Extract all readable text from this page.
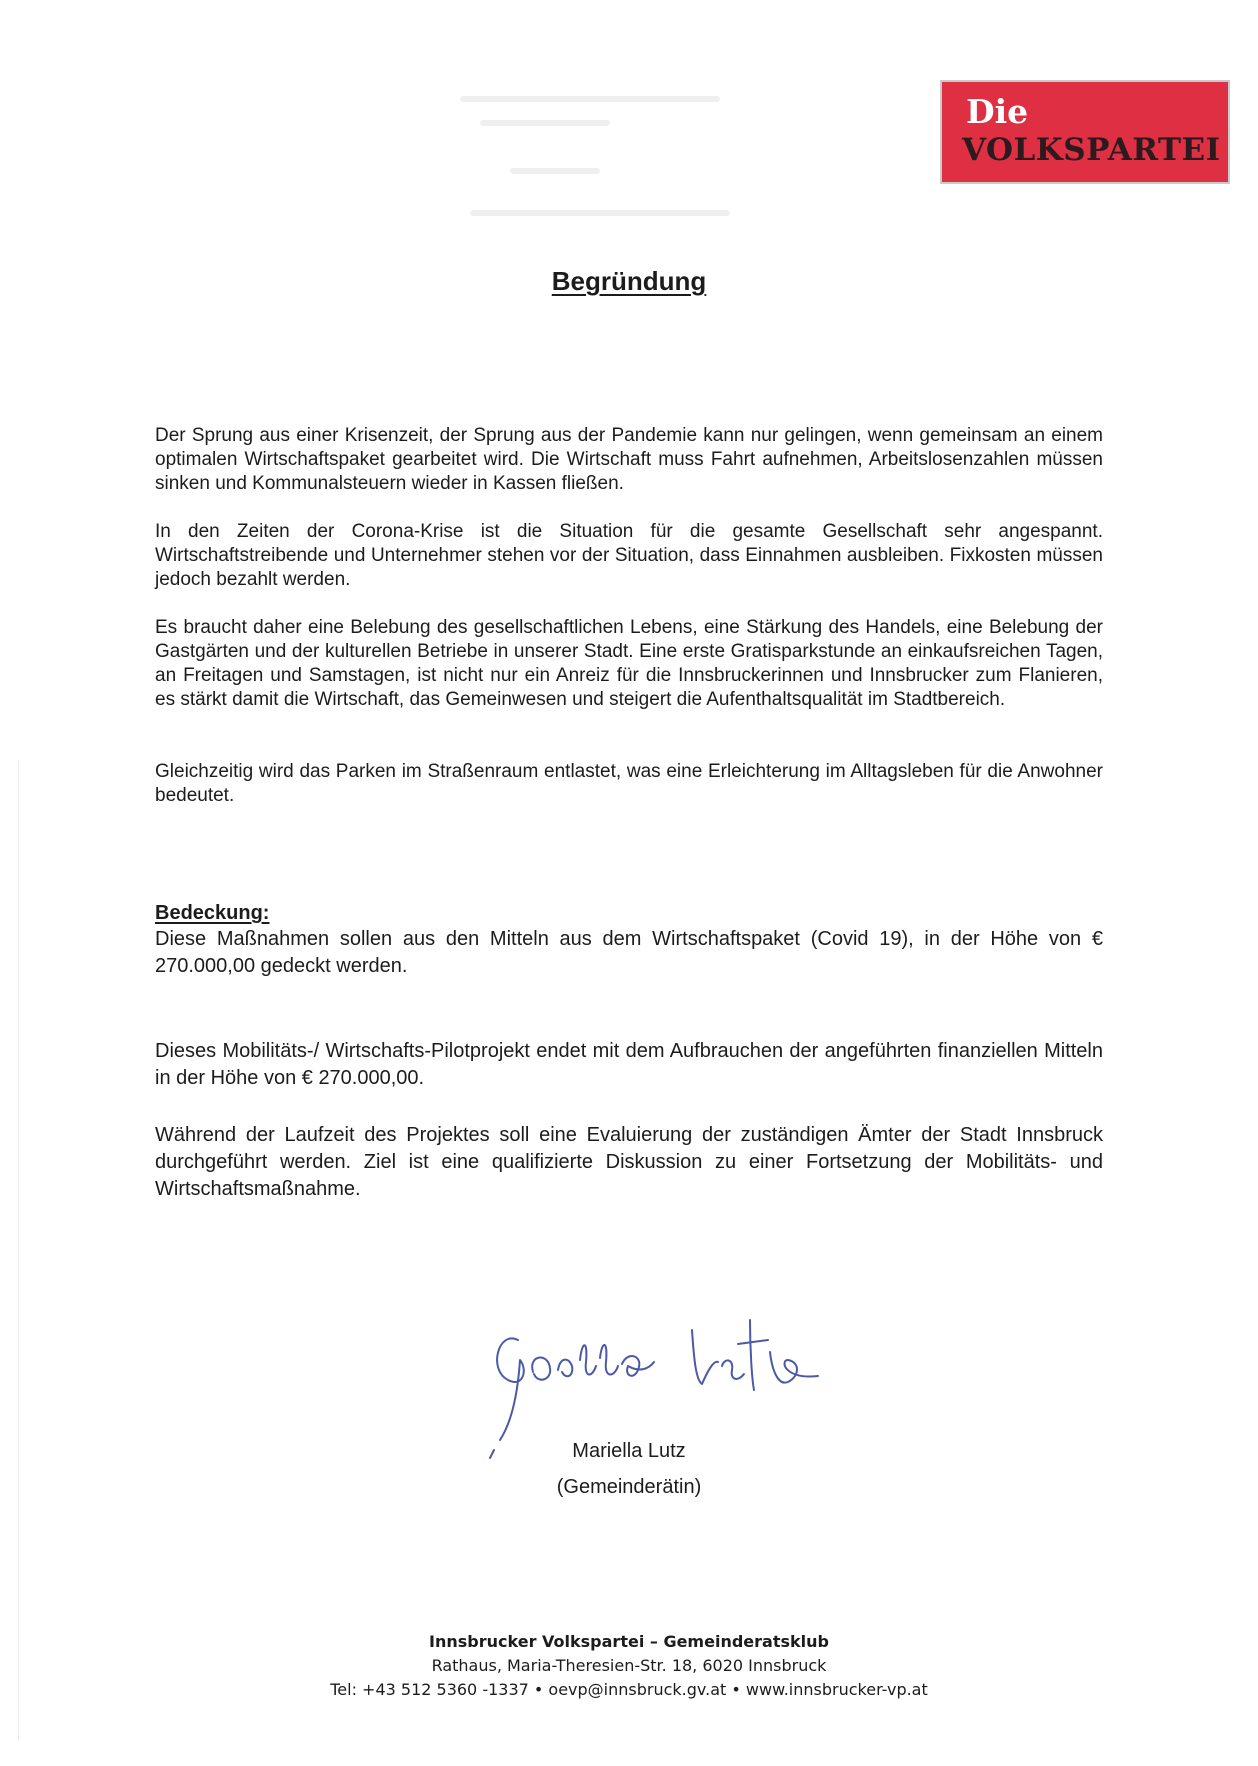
Die
VOLKSPARTEI
Begründung

Der Sprung aus einer Krisenzeit, der Sprung aus der Pandemie kann nur gelingen, wenn gemeinsam an einem optimalen Wirtschaftspaket gearbeitet wird. Die Wirtschaft muss Fahrt aufnehmen, Arbeitslosenzahlen müssen sinken und Kommunalsteuern wieder in Kassen fließen.

In den Zeiten der Corona-Krise ist die Situation für die gesamte Gesellschaft sehr angespannt. Wirtschaftstreibende und Unternehmer stehen vor der Situation, dass Einnahmen ausbleiben. Fixkosten müssen jedoch bezahlt werden.

Es braucht daher eine Belebung des gesellschaftlichen Lebens, eine Stärkung des Handels, eine Belebung der Gastgärten und der kulturellen Betriebe in unserer Stadt. Eine erste Gratisparkstunde an einkaufsreichen Tagen, an Freitagen und Samstagen, ist nicht nur ein Anreiz für die Innsbruckerinnen und Innsbrucker zum Flanieren, es stärkt damit die Wirtschaft, das Gemeinwesen und steigert die Aufenthaltsqualität im Stadtbereich.

Gleichzeitig wird das Parken im Straßenraum entlastet, was eine Erleichterung im Alltagsleben für die Anwohner bedeutet.

Bedeckung:

Diese Maßnahmen sollen aus den Mitteln aus dem Wirtschaftspaket (Covid 19), in der Höhe von € 270.000,00 gedeckt werden.

Dieses Mobilitäts-/ Wirtschafts-Pilotprojekt endet mit dem Aufbrauchen der angeführten finanziellen Mitteln in der Höhe von € 270.000,00.

Während der Laufzeit des Projektes soll eine Evaluierung der zuständigen Ämter der Stadt Innsbruck durchgeführt werden. Ziel ist eine qualifizierte Diskussion zu einer Fortsetzung der Mobilitäts- und Wirtschaftsmaßnahme.

Mariella Lutz
(Gemeinderätin)
Innsbrucker Volkspartei – Gemeinderatsklub
Rathaus, Maria-Theresien-Str. 18, 6020 Innsbruck
Tel: +43 512 5360 -1337 • oevp@innsbruck.gv.at • www.innsbrucker-vp.at
